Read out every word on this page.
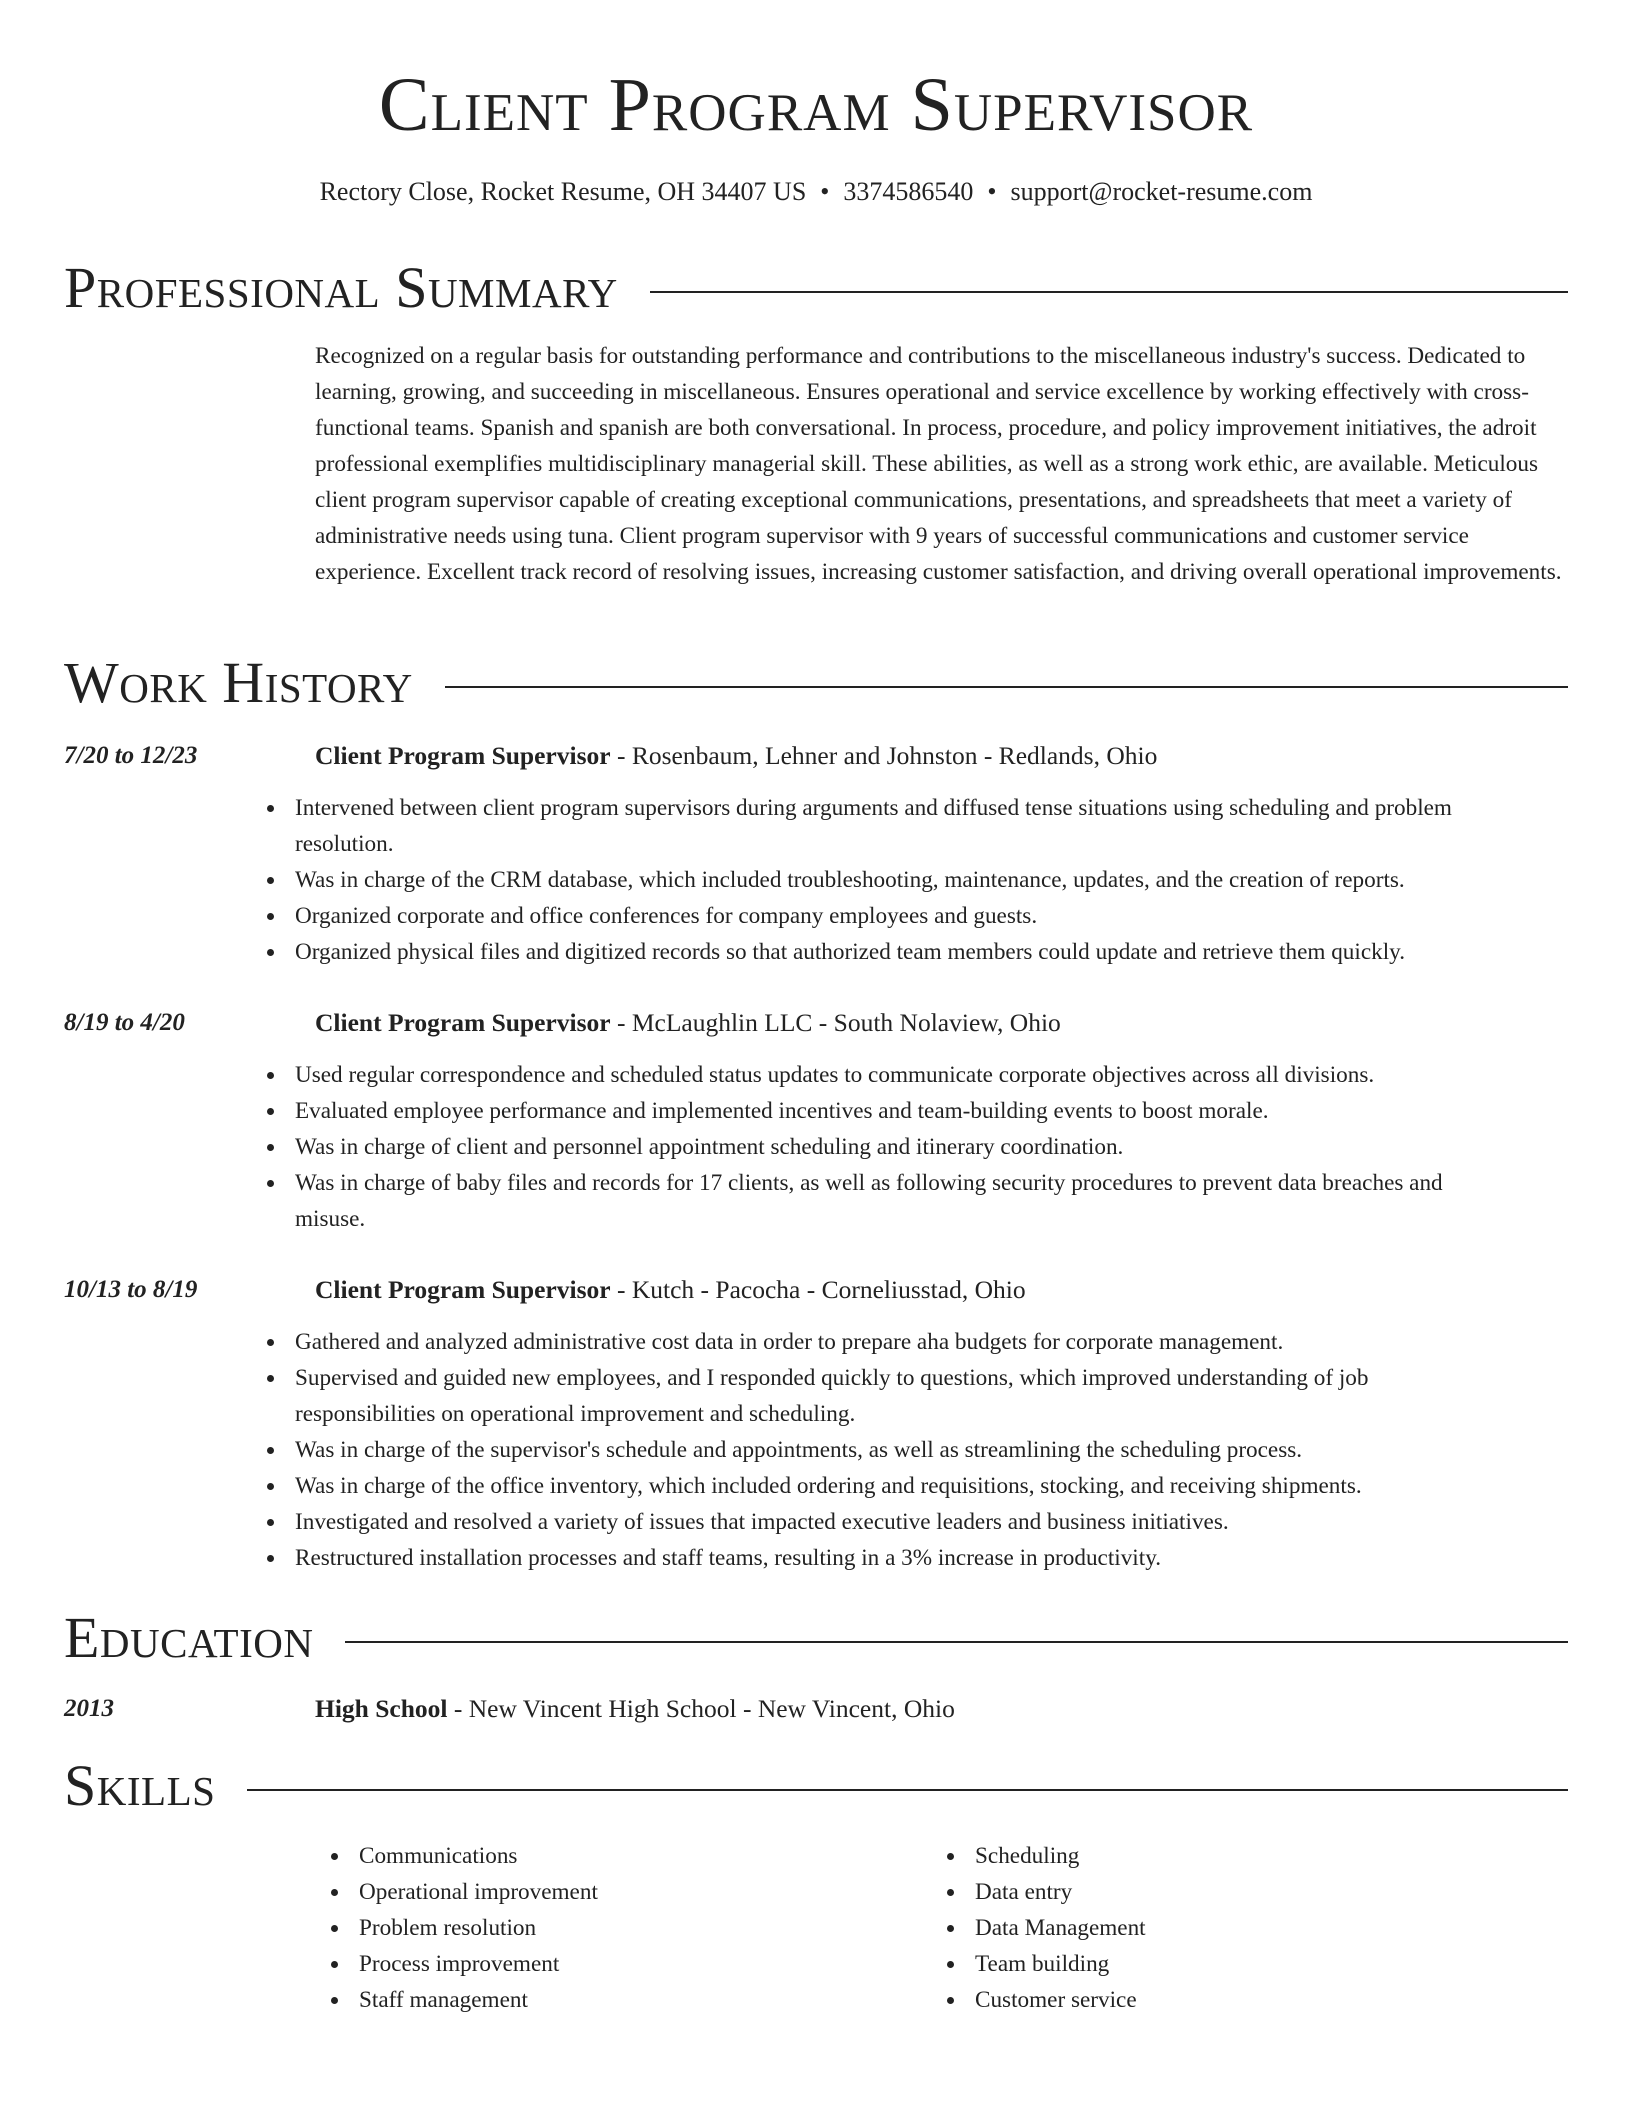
Client Program Supervisor
Rectory Close, Rocket Resume, OH 34407 US • 3374586540 • support@rocket-resume.com
Professional Summary

Recognized on a regular basis for outstanding performance and contributions to the miscellaneous industry's success. Dedicated to learning, growing, and succeeding in miscellaneous. Ensures operational and service excellence by working effectively with cross-functional teams. Spanish and spanish are both conversational. In process, procedure, and policy improvement initiatives, the adroit professional exemplifies multidisciplinary managerial skill. These abilities, as well as a strong work ethic, are available. Meticulous client program supervisor capable of creating exceptional communications, presentations, and spreadsheets that meet a variety of administrative needs using tuna. Client program supervisor with 9 years of successful communications and customer service experience. Excellent track record of resolving issues, increasing customer satisfaction, and driving overall operational improvements.

Work History
7/20 to 12/23	Client Program Supervisor - Rosenbaum, Lehner and Johnston - Redlands, Ohio
Intervened between client program supervisors during arguments and diffused tense situations using scheduling and problem resolution.
Was in charge of the CRM database, which included troubleshooting, maintenance, updates, and the creation of reports.
Organized corporate and office conferences for company employees and guests.
Organized physical files and digitized records so that authorized team members could update and retrieve them quickly.
8/19 to 4/20	Client Program Supervisor - McLaughlin LLC - South Nolaview, Ohio
Used regular correspondence and scheduled status updates to communicate corporate objectives across all divisions.
Evaluated employee performance and implemented incentives and team-building events to boost morale.
Was in charge of client and personnel appointment scheduling and itinerary coordination.
Was in charge of baby files and records for 17 clients, as well as following security procedures to prevent data breaches and misuse.
10/13 to 8/19	Client Program Supervisor - Kutch - Pacocha - Corneliusstad, Ohio
Gathered and analyzed administrative cost data in order to prepare aha budgets for corporate management.
Supervised and guided new employees, and I responded quickly to questions, which improved understanding of job responsibilities on operational improvement and scheduling.
Was in charge of the supervisor's schedule and appointments, as well as streamlining the scheduling process.
Was in charge of the office inventory, which included ordering and requisitions, stocking, and receiving shipments.
Investigated and resolved a variety of issues that impacted executive leaders and business initiatives.
Restructured installation processes and staff teams, resulting in a 3% increase in productivity.
Education
2013	High School - New Vincent High School - New Vincent, Ohio
Skills
Communications
Operational improvement
Problem resolution
Process improvement
Staff management
Scheduling
Data entry
Data Management
Team building
Customer service
